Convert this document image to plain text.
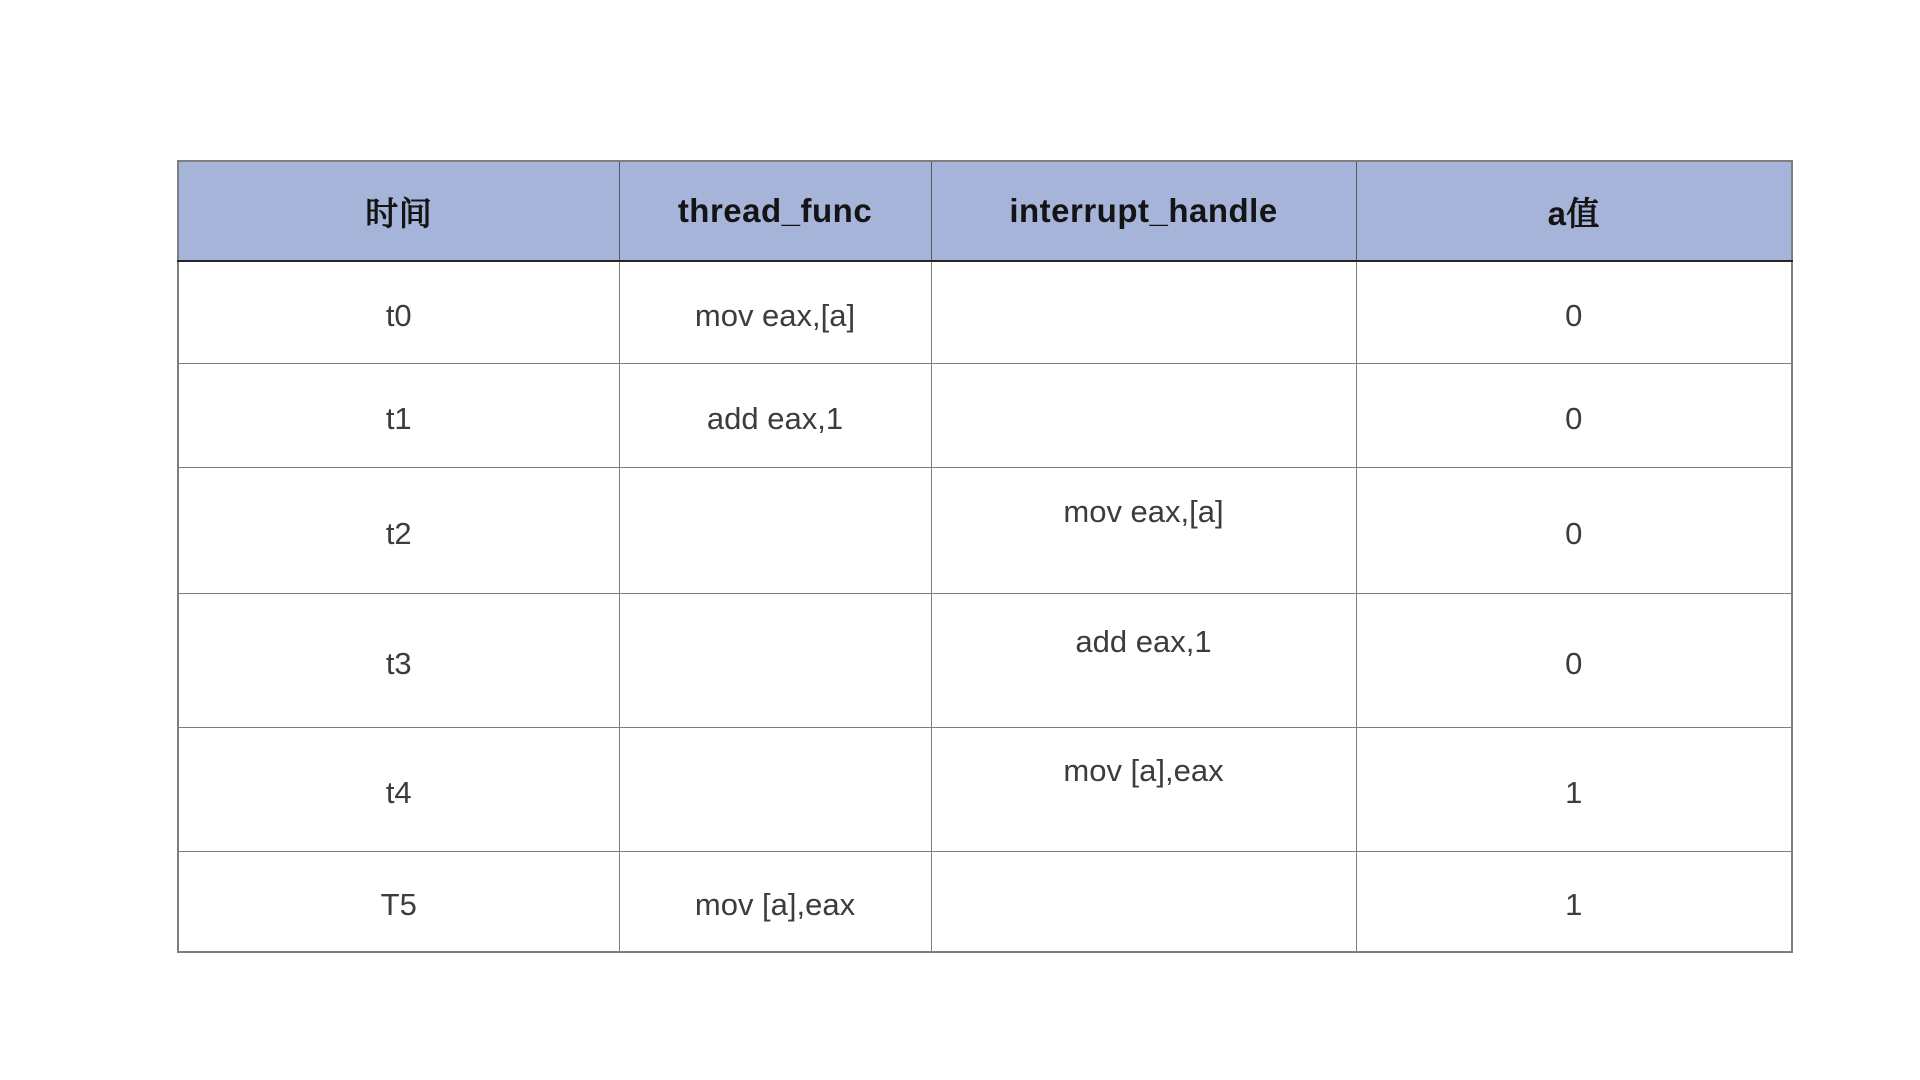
时间	thread_func	interrupt_handle	a值
t0	mov eax,[a]		0
t1	add eax,1		0
t2		mov eax,[a]	0
t3		add eax,1	0
t4		mov [a],eax	1
T5	mov [a],eax		1
